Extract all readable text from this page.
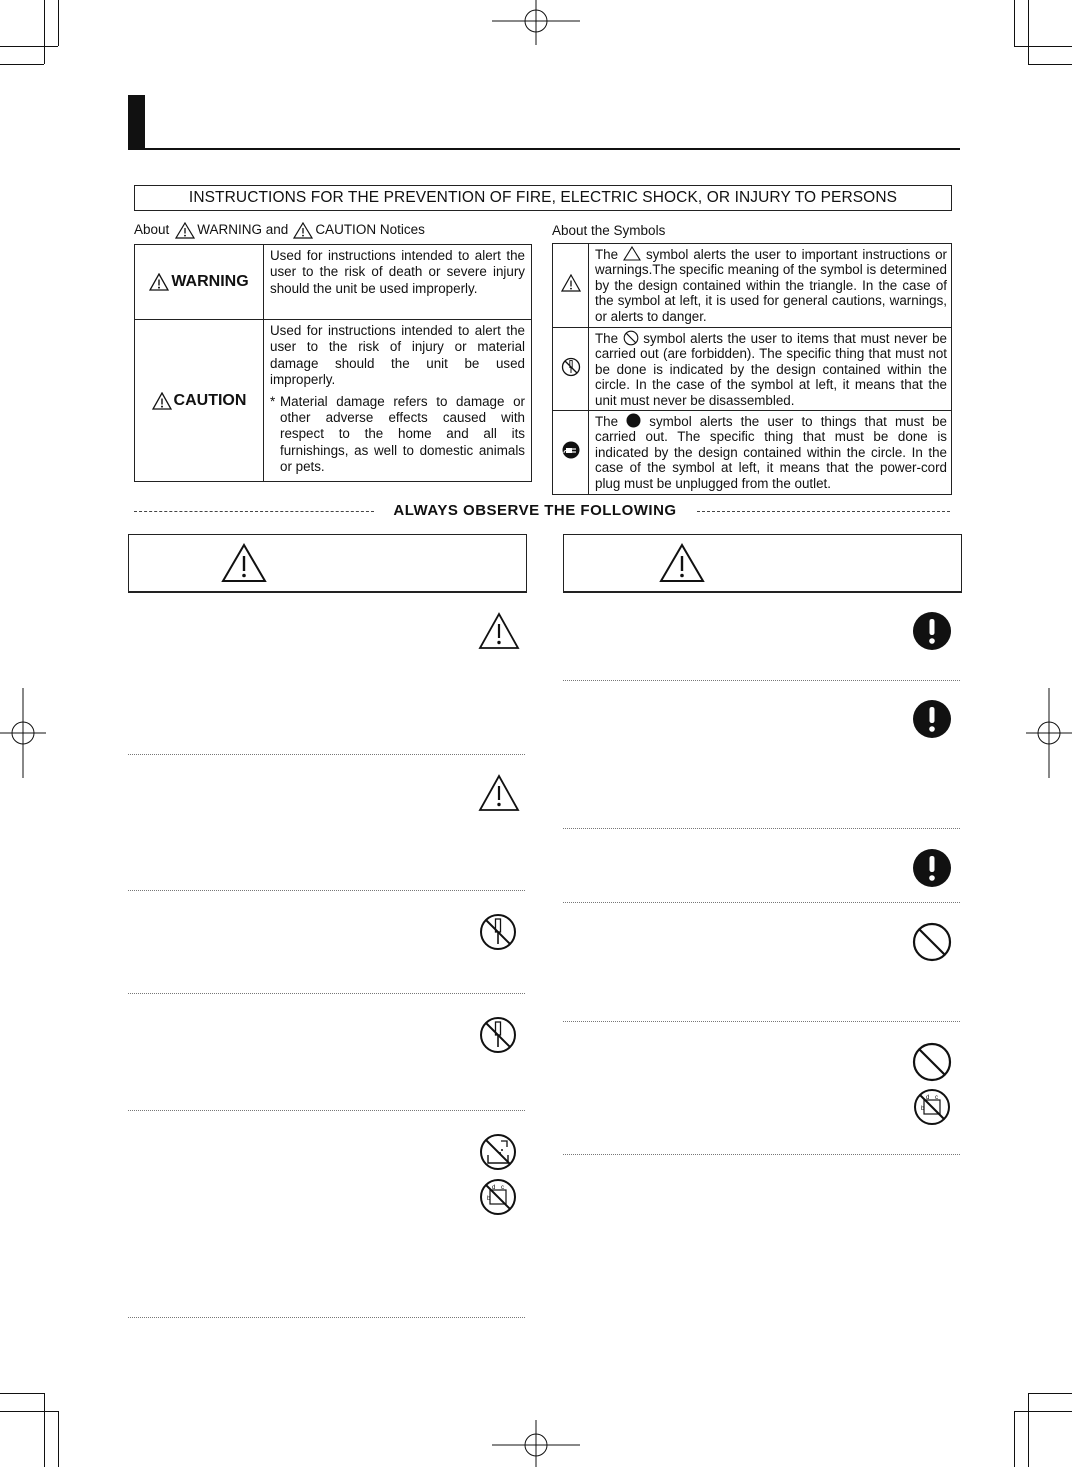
INSTRUCTIONS FOR THE PREVENTION OF FIRE, ELECTRIC SHOCK, OR INJURY TO PERSONS
About WARNING and CAUTION Notices
WARNING	Used for instructions intended to alert the user to the risk of death or severe injury should the unit be used improperly.

CAUTION	Used for instructions intended to alert the user to the risk of injury or material damage should the unit be used improperly.
* Material damage refers to damage or other adverse effects caused with respect to the home and all its furnishings, as well to domestic animals or pets.
About the Symbols
	The symbol alerts the user to important instructions or warnings.The specific meaning of the symbol is determined by the design contained within the triangle. In the case of the symbol at left, it is used for general cautions, warnings, or alerts to danger.
	The symbol alerts the user to items that must never be carried out (are forbidden). The specific thing that must not be done is indicated by the design contained within the circle. In the case of the symbol at left, it means that the unit must never be disassembled.
	The symbol alerts the user to things that must be carried out. The specific thing that must be done is indicated by the design contained within the circle. In the case of the symbol at left, it means that the power-cord plug must be unplugged from the outlet.
ALWAYS OBSERVE THE FOLLOWING
d c
b
d c
b
